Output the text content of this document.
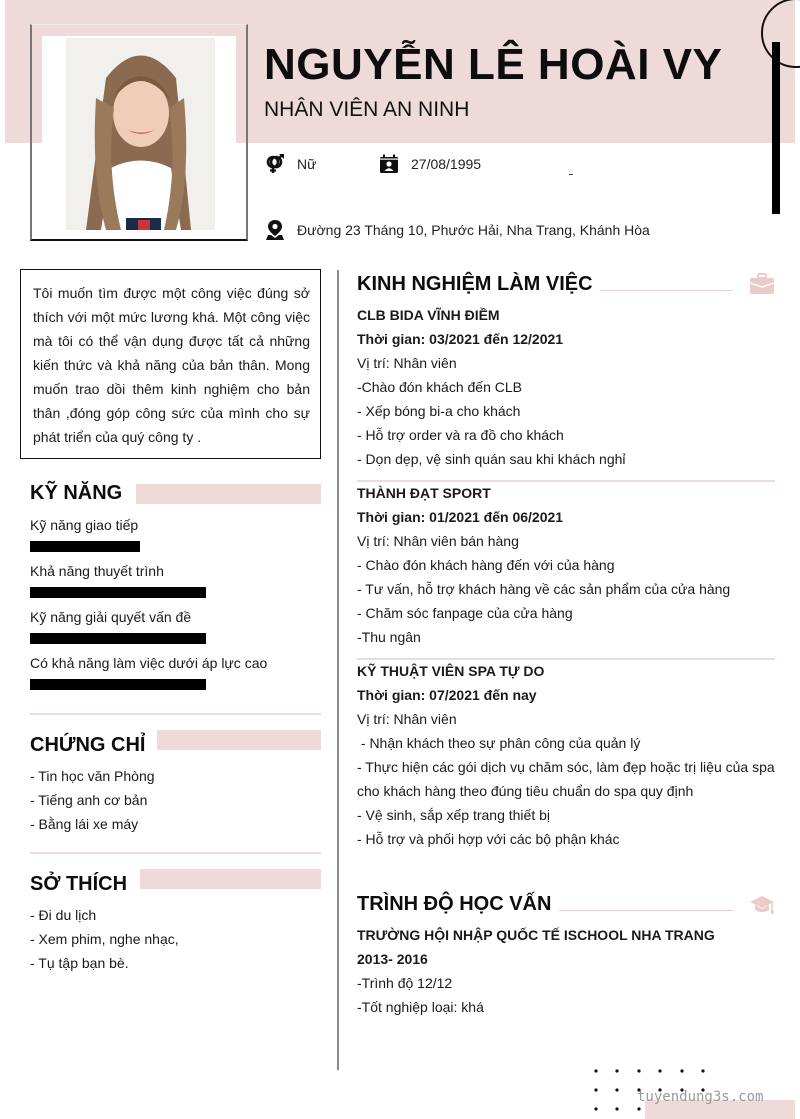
NGUYỄN LÊ HOÀI VY
NHÂN VIÊN AN NINH
Nữ	27/08/1995
Đường 23 Tháng 10, Phước Hải, Nha Trang, Khánh Hòa

Tôi muốn tìm được một công việc đúng sở thích với một mức lương khá. Một công việc mà tôi có thể vận dụng được tất cả những kiến thức và khả năng của bản thân. Mong muốn trao dồi thêm kinh nghiệm cho bản thân ,đóng góp công sức của mình cho sự phát triển của quý công ty .

KỸ NĂNG
Kỹ năng giao tiếp
Khả năng thuyết trình
Kỹ năng giải quyết vấn đề
Có khả năng làm việc dưới áp lực cao
CHỨNG CHỈ
- Tin học văn Phòng
- Tiếng anh cơ bản
- Bằng lái xe máy
SỞ THÍCH
- Đi du lịch
- Xem phim, nghe nhạc,
- Tụ tập bạn bè.
KINH NGHIỆM LÀM VIỆC
CLB BIDA VĨNH ĐIỀM
Thời gian: 03/2021 đến 12/2021
Vị trí: Nhân viên
-Chào đón khách đến CLB
- Xếp bóng bi-a cho khách
- Hỗ trợ order và ra đồ cho khách
- Dọn dẹp, vệ sinh quán sau khi khách nghỉ
THÀNH ĐẠT SPORT
Thời gian: 01/2021 đến 06/2021
Vị trí: Nhân viên bán hàng
- Chào đón khách hàng đến với của hàng
- Tư vấn, hỗ trợ khách hàng về các sản phẩm của cửa hàng
- Chăm sóc fanpage của cửa hàng
-Thu ngân
KỸ THUẬT VIÊN SPA TỰ DO
Thời gian: 07/2021 đến nay
Vị trí: Nhân viên
- Nhận khách theo sự phân công của quản lý
- Thực hiện các gói dịch vụ chăm sóc, làm đẹp hoặc trị liệu của spa
cho khách hàng theo đúng tiêu chuẩn do spa quy định
- Vệ sinh, sắp xếp trang thiết bị
- Hỗ trợ và phối hợp với các bộ phận khác
TRÌNH ĐỘ HỌC VẤN
TRƯỜNG HỘI NHẬP QUỐC TẾ ISCHOOL NHA TRANG
2013- 2016
-Trình độ 12/12
-Tốt nghiệp loại: khá
tuyendung3s.com
